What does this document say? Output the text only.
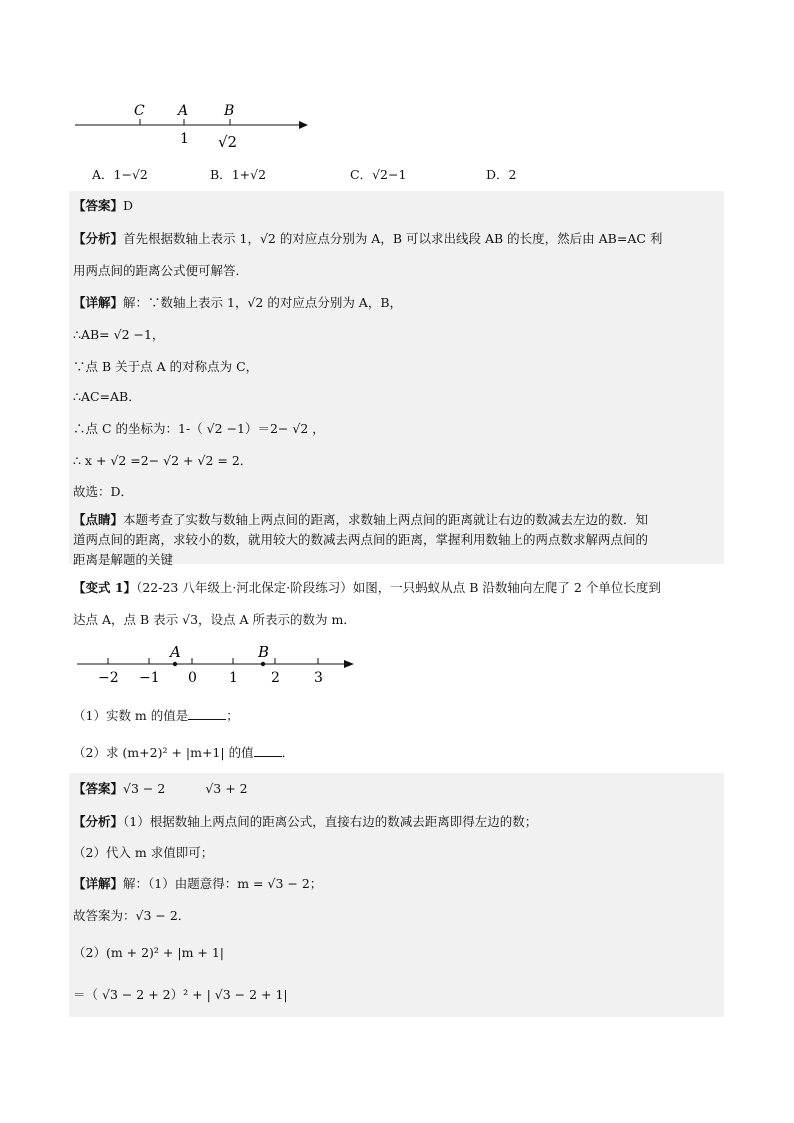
C A	B
1 √2
A．1−√2	B．1+√2	C．√2−1	D．2
【答案】D
【分析】首先根据数轴上表示 1，√2 的对应点分别为 A，B 可以求出线段 AB 的长度，然后由 AB=AC 利
用两点间的距离公式便可解答．
【详解】解：∵数轴上表示 1，√2 的对应点分别为 A，B，
∴AB= √2 −1，
∵点 B 关于点 A 的对称点为 C，
∴AC=AB．
∴点 C 的坐标为：1-（ √2 −1）＝2− √2 ，
∴ x + √2 =2− √2 + √2 = 2．
故选：D．
【点睛】本题考查了实数与数轴上两点间的距离，求数轴上两点间的距离就让右边的数减去左边的数．知
道两点间的距离，求较小的数，就用较大的数减去两点间的距离，掌握利用数轴上的两点数求解两点间的
距离是解题的关键
【变式 1】（22-23 八年级上·河北保定·阶段练习）如图，一只蚂蚁从点 B 沿数轴向左爬了 2 个单位长度到
达点 A，点 B 表示 √3，设点 A 所表示的数为 m．
A	B
−2 −1 0 1 2 3
（1）实数 m 的值是	；
（2）求 (m+2)² + |m+1| 的值 ．
【答案】√3 − 2	√3 + 2
【分析】（1）根据数轴上两点间的距离公式，直接右边的数减去距离即得左边的数；
（2）代入 m 求值即可；
【详解】解：（1）由题意得：m = √3 − 2；
故答案为：√3 − 2．
（2）(m + 2)² + |m + 1|
＝（ √3 − 2 + 2）² + | √3 − 2 + 1|
